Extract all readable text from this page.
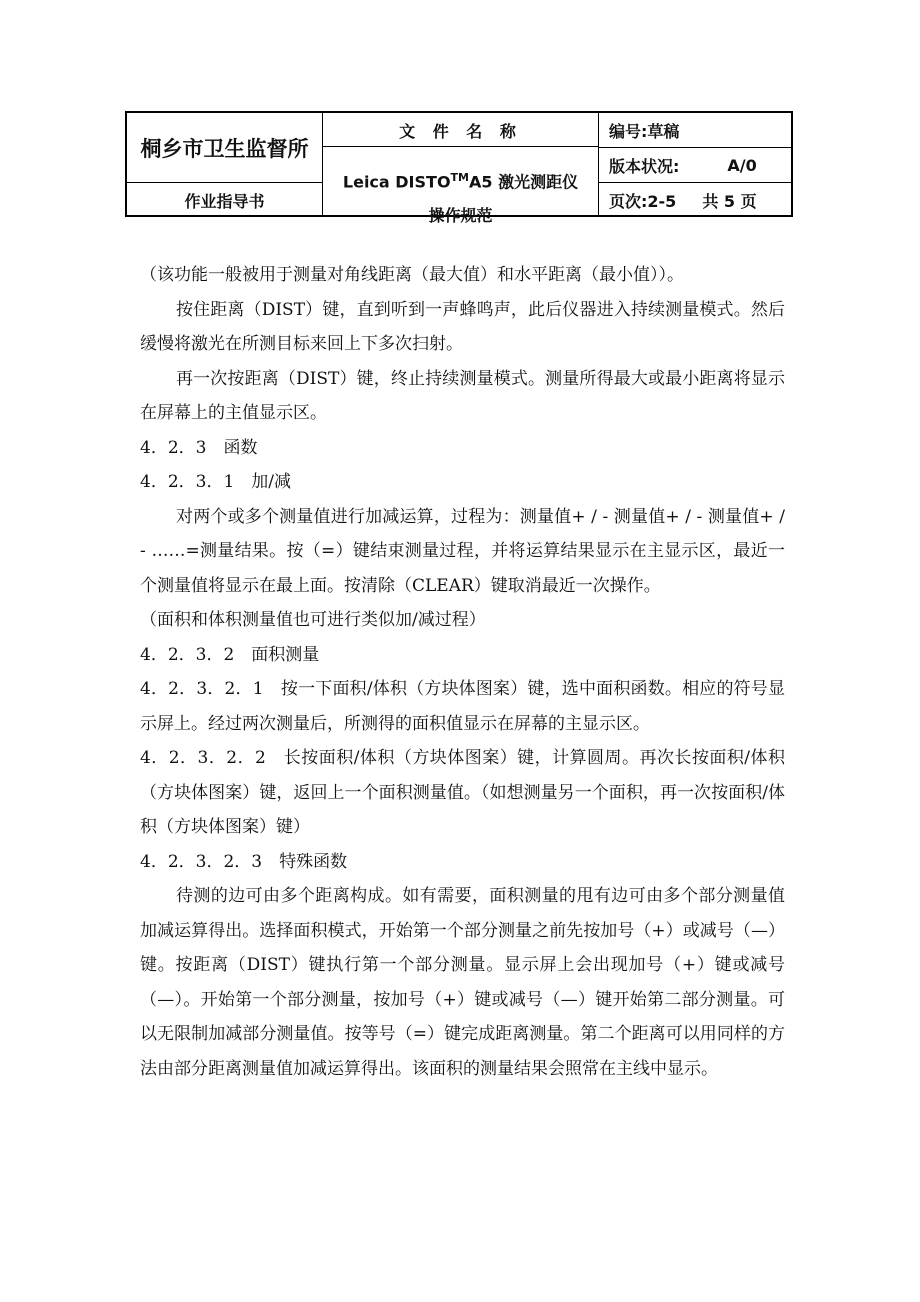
桐乡市卫生监督所
作业指导书
文 件 名 称
Leica DISTO™A5 激光测距仪
操作规范
编号:草稿
版本状况:	A/0
页次:2-5 共 5 页

（该功能一般被用于测量对角线距离（最大值）和水平距离（最小值））。

按住距离（DIST）键，直到听到一声蜂鸣声，此后仪器进入持续测量模式。然后缓慢将激光在所测目标来回上下多次扫射。

再一次按距离（DIST）键，终止持续测量模式。测量所得最大或最小距离将显示在屏幕上的主值显示区。

4．2．3　函数

4．2．3．1　加/减

对两个或多个测量值进行加减运算，过程为：测量值+ / - 测量值+ / - 测量值+ / - ……=测量结果。按（=）键结束测量过程，并将运算结果显示在主显示区，最近一个测量值将显示在最上面。按清除（CLEAR）键取消最近一次操作。

（面积和体积测量值也可进行类似加/减过程）

4．2．3．2　面积测量

4．2．3．2．1　按一下面积/体积（方块体图案）键，选中面积函数。相应的符号显示屏上。经过两次测量后，所测得的面积值显示在屏幕的主显示区。

4．2．3．2．2　长按面积/体积（方块体图案）键，计算圆周。再次长按面积/体积（方块体图案）键，返回上一个面积测量值。（如想测量另一个面积，再一次按面积/体积（方块体图案）键）

4．2．3．2．3　特殊函数

待测的边可由多个距离构成。如有需要，面积测量的甩有边可由多个部分测量值加减运算得出。选择面积模式，开始第一个部分测量之前先按加号（+）或减号（—）键。按距离（DIST）键执行第一个部分测量。显示屏上会出现加号（+）键或减号（—）。开始第一个部分测量，按加号（+）键或减号（—）键开始第二部分测量。可以无限制加减部分测量值。按等号（=）键完成距离测量。第二个距离可以用同样的方法由部分距离测量值加减运算得出。该面积的测量结果会照常在主线中显示。
